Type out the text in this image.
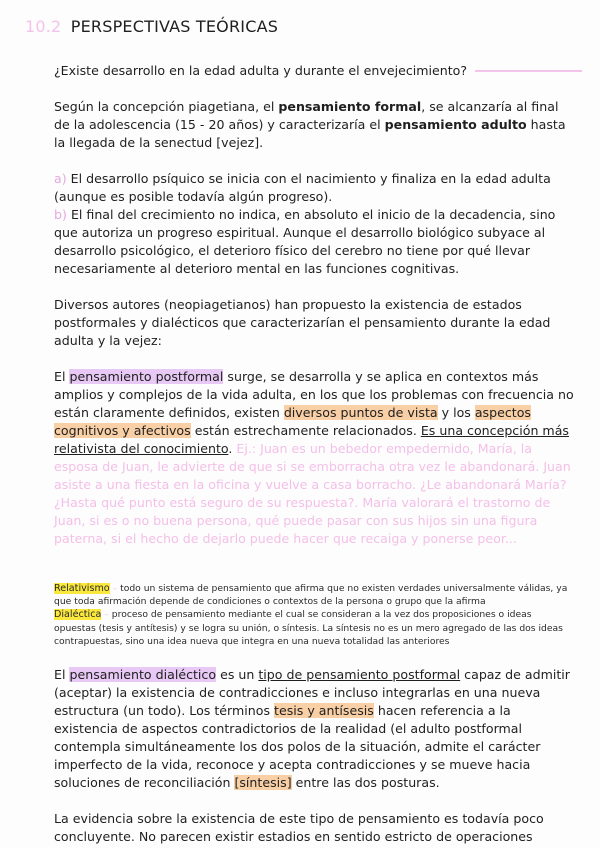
10.2 PERSPECTIVAS TEÓRICAS
¿Existe desarrollo en la edad adulta y durante el envejecimiento?

Según la concepción piagetiana, el pensamiento formal, se alcanzaría al final de la adolescencia (15 - 20 años) y caracterizaría el pensamiento adulto hasta la llegada de la senectud [vejez].

a) El desarrollo psíquico se inicia con el nacimiento y finaliza en la edad adulta (aunque es posible todavía algún progreso).

b) El final del crecimiento no indica, en absoluto el inicio de la decadencia, sino que autoriza un progreso espiritual. Aunque el desarrollo biológico subyace al desarrollo psicológico, el deterioro físico del cerebro no tiene por qué llevar necesariamente al deterioro mental en las funciones cognitivas.

Diversos autores (neopiagetianos) han propuesto la existencia de estados postformales y dialécticos que caracterizarían el pensamiento durante la edad adulta y la vejez:

El pensamiento postformal surge, se desarrolla y se aplica en contextos más amplios y complejos de la vida adulta, en los que los problemas con frecuencia no están claramente definidos, existen diversos puntos de vista y los aspectos cognitivos y afectivos están estrechamente relacionados. Es una concepción más relativista del conocimiento. Ej.: Juan es un bebedor empedernido, María, la esposa de Juan, le advierte de que si se emborracha otra vez le abandonará. Juan asiste a una fiesta en la oficina y vuelve a casa borracho. ¿Le abandonará María? ¿Hasta qué punto está seguro de su respuesta?. María valorará el trastorno de Juan, si es o no buena persona, qué puede pasar con sus hijos sin una figura paterna, si el hecho de dejarlo puede hacer que recaiga y ponerse peor...

Relativismo – todo un sistema de pensamiento que afirma que no existen verdades universalmente válidas, ya que toda afirmación depende de condiciones o contextos de la persona o grupo que la afirma

Dialéctica – proceso de pensamiento mediante el cual se consideran a la vez dos proposiciones o ideas opuestas (tesis y antítesis) y se logra su unión, o síntesis. La síntesis no es un mero agregado de las dos ideas contrapuestas, sino una idea nueva que integra en una nueva totalidad las anteriores

El pensamiento dialéctico es un tipo de pensamiento postformal capaz de admitir (aceptar) la existencia de contradicciones e incluso integrarlas en una nueva estructura (un todo). Los términos tesis y antísesis hacen referencia a la existencia de aspectos contradictorios de la realidad (el adulto postformal contempla simultáneamente los dos polos de la situación, admite el carácter imperfecto de la vida, reconoce y acepta contradicciones y se mueve hacia soluciones de reconciliación [síntesis] entre las dos posturas.

La evidencia sobre la existencia de este tipo de pensamiento es todavía poco concluyente. No parecen existir estadios en sentido estricto de operaciones
